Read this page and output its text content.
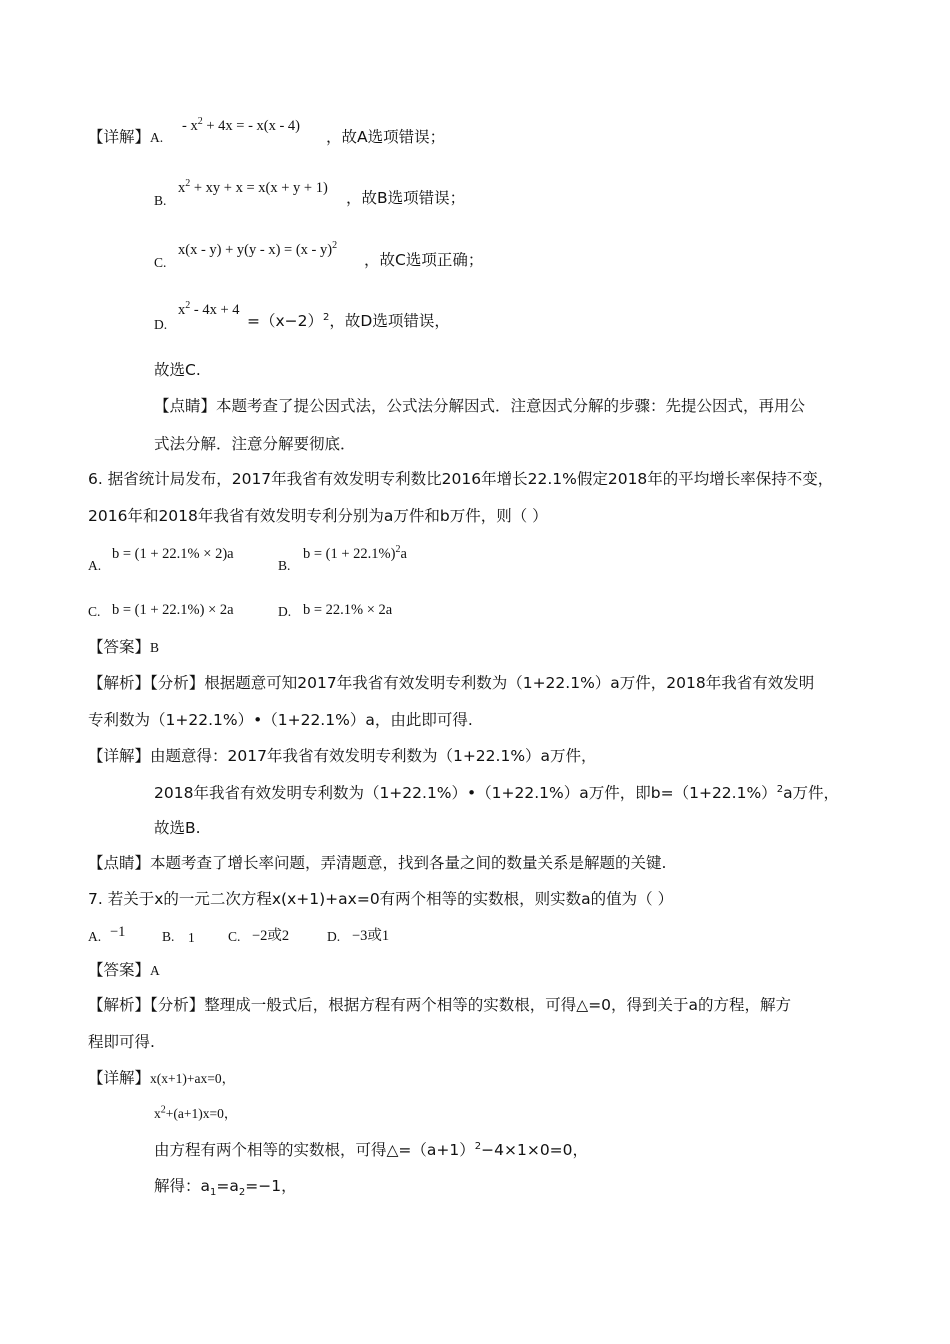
【详解】A.
- $x^2 + 4x$ = - x(x - 4)
，故A选项错误；
B.
$x^2$ + xy + x = x(x + y + 1)
，故B选项错误；
C.
x(x - y) + y(y - x) = (x - y)$^2$
，故C选项正确；
D.
$x^2 - 4x + 4$
$=(x-2)^2$，故D选项错误，
故选C.
【点睛】本题考查了提公因式法，公式法分解因式．注意因式分解的步骤：先提公因式，再用公
式法分解．注意分解要彻底．
6. 据省统计局发布，2017年我省有效发明专利数比2016年增长22.1%假定2018年的平均增长率保持不变，
2016年和2018年我省有效发明专利分别为a万件和b万件，则（ ）
A.
b = (1 + 22.1% × 2)a
B.
$b = (1 + 22.1\%)^2a$
C. b = (1 + 22.1%) × 2a	D. b = 22.1% × 2a
【答案】B
【解析】【分析】根据题意可知2017年我省有效发明专利数为（1+22.1%）a万件，2018年我省有效发明
专利数为（1+22.1%）•（1+22.1%）a，由此即可得.
【详解】由题意得：2017年我省有效发明专利数为（1+22.1%）a万件，
2018年我省有效发明专利数为（1+22.1%）•（1+22.1%）a万件，即$b=(1+22.1\%)^2a$万件，
故选B.
【点睛】本题考查了增长率问题，弄清题意，找到各量之间的数量关系是解题的关键.
7. 若关于x的一元二次方程x(x+1)+ax=0有两个相等的实数根，则实数a的值为（ ）
A. −1	B. 1 C. −2或2	D. −3或1
【答案】A
【解析】【分析】整理成一般式后，根据方程有两个相等的实数根，可得△=0，得到关于a的方程，解方
程即可得.
【详解】x(x+1)+ax=0，
$x^2+(a+1)x=0$，
由方程有两个相等的实数根，可得$\triangle=(a+1)^2-4\times 1\times 0=0$，
解得：$a_1=a_2=-1$，
